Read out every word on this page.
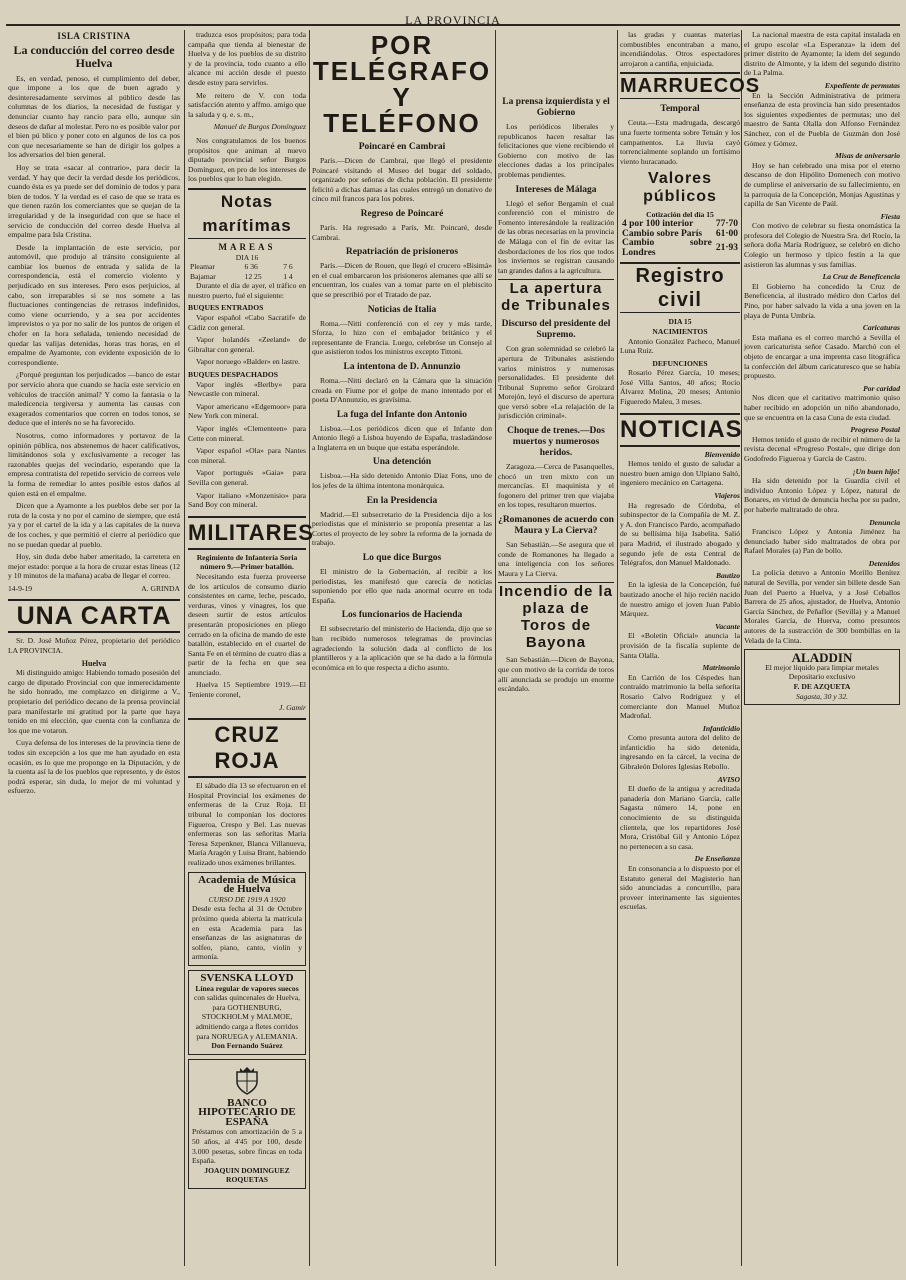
LA PROVINCIA
ISLA CRISTINA
La conducción del correo desde Huelva

Es, en verdad, penoso, el cumplimiento del deber, que impone a los que de buen agrado y desinteresadamente servimos al público desde las columnas de los diarios, la necesidad de fustigar y denunciar cuanto hay rancio para ello, aunque sin deseos de dañar al molestar. Pero no es posible valor por el bien pú blico y poner coto en algunos de los ca pos con que necesariamente se han de dirigir los golpes a los adversarios del bien general.

Hoy se trata «sacar al contrario», para decir la verdad. Y hay que decir la verdad desde los periódicos, cuando ésta es ya puede ser del dominio de todos y para bien de todos. Y la verdad es el caso de que se trata es que tienen razón los comerciantes que se quejan de la irregularidad y de la inseguridad con que se hace el servicio de conducción del correo desde Huelva al empalme para Isla Cristina.

Desde la implantación de este servicio, por automóvil, que produjo al tránsito consiguiente al cambiar los buenos de entrada y salida de la correspondencia, está el comercio violento y perjudicado en sus intereses. Pero esos perjuicios, al cabo, son irreparables si se nos somete a las fluctuaciones contingencias de retrasos indefinidos, como viene ocurriendo, y a sea por accidentes imprevistos o ya por no salir de los puntos de origen el chofer en la hora señalada, teniendo necesidad de quedar las valijas detenidas, horas tras horas, en el empalme de Ayamonte, con evidente exposición de lo correspondiente.

¿Porqué preguntan los perjudicados —banco de estar por servicio ahora que cuando se hacía este servicio en vehículos de tracción animal? Y como la fantasía o la maledicencia tergiversa y aumenta las causas con exagerados comentarios que corren en todos tonos, se deduce que el interés no se ha favorecido.

Nosotros, como informadores y portavoz de la opinión pública, nos abstenemos de hacer calificativos, limitándonos sola y exclusivamente a recoger las razonables quejas del vecindario, esperando que la empresa contratista del repetido servicio de correos vele la forma de remediar lo antes posible estos daños al quien está en el empalme.

Dicen que a Ayamonte a los pueblos debe ser por la ruta de la costa y no por el camino de siempre, que está ya y por el cartel de la ida y a las capitales de la nueva de los coches, y que permitió el cierre al periódico que no se puedan quedar al pueblo.

Hoy, sin duda debe haber ameritado, la carretera en mejor estado: porque a la hora de cruzar estas líneas (12 y 10 minutos de la mañana) acaba de llegar el correo.

14-9-19	A. GRINDA
UNA CARTA

Sr. D. José Muñoz Pérez, propietario del periódico LA PROVINCIA.

Huelva

Mi distinguido amigo: Habiendo tomado posesión del cargo de diputado Provincial con que inmerecidamente he sido honrado, me complazco en dirigirme a V., propietario del periódico decano de la prensa provincial para manifestarle mi gratitud por la parte que haya tenido en mi elección, que cuenta con la confianza de los que me votaron.

Cuya defensa de los intereses de la provincia tiene de todos sin excepción a los que me han ayudado en esta ocasión, es lo que me propongo en la Diputación, y de la cuenta así la de los pueblos que represento, y de éstos podrá esperar, sin duda, lo mejor de mi voluntad y esfuerzo.

traduzca esos propósitos; para toda campaña que tienda al bienestar de Huelva y de los pueblos de su distrito y de la provincia, todo cuanto a ello alcance mi acción desde el puesto desde estoy para servirlos.

Me reitero de V. con toda satisfacción atento y affmo. amigo que la saluda y q. e. s. m.,

Manuel de Burgos Domínguez

Nos congratulamos de los buenos propósitos que animan al nuevo diputado provincial señor Burgos Domínguez, en pro de los intereses de los pueblos que lo han elegido.

Notas marítimas
MAREAS
DIA 16
Pleamar	6 36	7 6
Bajamar	12 25	1 4

Durante el día de ayer, el tráfico en nuestro puerto, fué el siguiente:

BUQUES ENTRADOS

Vapor español «Cabo Sacratif» de Cádiz con general.

Vapor holandés «Zeeland» de Gibraltar con general.

Vapor noruego «Balder» en lastre.

BUQUES DESPACHADOS

Vapor inglés «Berlby» para Newcastle con mineral.

Vapor americano «Edgemoor» para New York con mineral.

Vapor inglés «Clementeen» para Cette con mineral.

Vapor español «Ola» para Nantes con mineral.

Vapor portugués «Gaia» para Sevilla con general.

Vapor italiano «Monzenisio» para Sand Boy con mineral.

MILITARES
Regimiento de Infantería Soria número 9.—Primer batallón.

Necesitando esta fuerza proveerse de los artículos de consumo diario consistentes en carne, leche, pescado, verduras, vinos y vinagres, los que deseen surtir de estos artículos presentarán proposiciones en pliego cerrado en la oficina de mando de este batallón, establecido en el cuartel de Santa Fe en el término de cuatro días a partir de la fecha en que sea anunciado.

Huelva 15 Septiembre 1919.—El Teniente coronel,

J. Gamir
CRUZ ROJA

El sábado día 13 se efectuaron en el Hospital Provincial los exámenes de enfermeras de la Cruz Roja. El tribunal lo componían los doctores Figueroa, Crespo y Bel. Las nuevas enfermeras son las señoritas María Teresa Szpenkner, Blanca Villanueva, María Aragón y Luisa Brant, habiendo realizado unos exámenes brillantes.

Academia de Música de Huelva
CURSO DE 1919 A 1920
Desde esta fecha al 31 de Octubre próximo queda abierta la matrícula en esta Academia para las enseñanzas de las asignaturas de solfeo, piano, canto, violín y armonía.
SVENSKA LLOYD
Línea regular de vapores suecos
con salidas quincenales de Huelva, para GOTHENBURG, STOCKHOLM y MALMOE, admitiendo carga a fletes corridos para NORUEGA y ALEMANIA.
Don Fernando Suárez
BANCO HIPOTECARIO DE ESPAÑA
Préstamos con amortización de 5 a 50 años, al 4'45 por 100, desde 3.000 pesetas, sobre fincas en toda España.
JOAQUIN DOMINGUEZ ROQUETAS
POR TELÉGRAFO
Y TELÉFONO
Poincaré en Cambrai

París.—Dicen de Cambrai, que llegó el presidente Poincaré visitando el Museo del bugar del soldado, organizado por señoras de dicha población. El presidente felicitó a dichas damas a las cuales entregó un donativo de cinco mil francos para los pobres.

Regreso de Poincaré

París. Ha regresado a París, Mr. Poincaré, desde Cambrai.

Repatriación de prisioneros

París.—Dicen de Rouen, que llegó el crucero «Bisimá» en el cual embarcaron los prisioneros alemanes que allí se encuentran, los cuales van a tomar parte en el plebiscito que se prescribió por el Tratado de paz.

Noticias de Italia

Roma.—Nitti conferenció con el rey y más tarde, Sforza, lo hizo con el embajador británico y el representante de Francia. Luego, celebróse un Consejo al que asistieron todos los ministros excepto Tittoni.

La intentona de D. Annunzio

Roma.—Nitti declaró en la Cámara que la situación creada en Fiume por el golpe de mano intentado por el poeta D'Annunzio, es gravísima.

La fuga del Infante don Antonio

Lisboa.—Los periódicos dicen que el Infante don Antonio llegó a Lisboa huyendo de España, trasladándose a Inglaterra en un buque que estaba esperándole.

Una detención

Lisboa.—Ha sido detenido Antonio Díaz Fons, uno de los jefes de la última intentona monárquica.

En la Presidencia

Madrid.—El subsecretario de la Presidencia dijo a los periodistas que el ministerio se proponía presentar a las Cortes el proyecto de ley sobre la reforma de la jornada de trabajo.

Lo que dice Burgos

El ministro de la Gobernación, al recibir a los periodistas, les manifestó que carecía de noticias suponiendo por ello que nada anormal ocurre en toda España.

Los funcionarios de Hacienda

El subsecretario del ministerio de Hacienda, dijo que se han recibido numerosos telegramas de provincias agradeciendo la solución dada al conflicto de los plantilleros y a la aplicación que se ha dado a la fórmula económica en lo que respecta a dicho asunto.

La prensa izquierdista y el Gobierno

Los periódicos liberales y republicanos hacen resaltar las felicitaciones que viene recibiendo el Gobierno con motivo de las elecciones dadas a los principales problemas pendientes.

Intereses de Málaga

Llegó el señor Bergamín el cual conferenció con el ministro de Fomento interesándole la realización de las obras necesarias en la provincia de Málaga con el fin de evitar las desbordaciones de los ríos que todos los inviernos se registran causando tan grandes daños a la agricultura.

La apertura de Tribunales
Discurso del presidente del Supremo.

Con gran solemnidad se celebró la apertura de Tribunales asistiendo varios ministros y numerosas personalidades. El presidente del Tribunal Supremo señor Groizard Morejón, leyó el discurso de apertura que versó sobre «La relajación de la jurisdicción criminal».

Choque de trenes.—Dos muertos y numerosos heridos.

Zaragoza.—Cerca de Pasanquelles, chocó un tren mixto con un mercancías. El maquinista y el fogonero del primer tren que viajaba en los topes, resultaron muertos.

¿Romanones de acuerdo con Maura y La Cierva?

San Sebastián.—Se asegura que el conde de Romanones ha llegado a una inteligencia con los señores Maura y La Cierva.

Incendio de la plaza de Toros de Bayona

San Sebastián.—Dicen de Bayona, que con motivo de la corrida de toros allí anunciada se produjo un enorme escándalo.

las gradas y cuantas materias combustibles encontraban a mano, incendiándolas. Otros espectadores arrojaron a cantiña, enjuiciada.

MARRUECOS
Temporal

Ceuta.—Esta madrugada, descargó una fuerte tormenta sobre Tetuán y los campamentos. La lluvia cayó torrencialmente soplando un fortísimo viento huracanado.

Valores públicos
Cotización del día 15
4 por 100 interior	77·70
Cambio sobre París	61·00
Cambio sobre Londres	21·93
Registro civil
DIA 15
NACIMIENTOS

Antonio González Pacheco, Manuel Luna Ruiz.

DEFUNCIONES

Rosario Pérez García, 10 meses; José Villa Santos, 40 años; Rocío Álvarez Molina, 20 meses; Antonio Figueredo Maleu, 3 meses.

NOTICIAS
Bienvenido

Hemos tenido el gusto de saludar a nuestro buen amigo don Ulpiano Saltó, ingeniero mecánico en Cartagena.

Viajeros

Ha regresado de Córdoba, el subinspector de la Compañía de M. Z. y A. don Francisco Pardo, acompañado de su bellísima hija Isabelita. Salió para Madrid, el ilustrado abogado y segundo jefe de esta Central de Telégrafos, don Manuel Maldonado.

Bautizo

En la iglesia de la Concepción, fué bautizado anoche el hijo recién nacido de nuestro amigo el joven Juan Pablo Márquez.

Vacante

El «Boletín Oficial» anuncia la provisión de la fiscalía suplente de Santa Olalla.

Matrimonio

En Carrión de los Céspedes han contraído matrimonio la bella señorita Rosario Calvo Rodríguez y el comerciante don Manuel Muñoz Madroñal.

Infanticidio

Como presunta autora del delito de infanticidio ha sido detenida, ingresando en la cárcel, la vecina de Gibraleón Dolores Iglesias Rebollo.

AVISO

El dueño de la antigua y acreditada panadería don Mariano García, calle Sagasta número 14, pone en conocimiento de su distinguida clientela, que los repartidores José Mora, Cristóbal Gil y Antonio López no pertenecen a su casa.

De Enseñanza

En consonancia a lo dispuesto por el Estatuto general del Magisterio han sido anunciadas a concurrillo, para proveer interinamente las siguientes escuelas.

La nacional maestra de esta capital instalada en el grupo escolar «La Esperanza» la idem del primer distrito de Ayamonte; la idem del segundo distrito de Almonte, y la idem del segundo distrito de La Palma.

Expediente de permutas

En la Sección Administrativa de primera enseñanza de esta provincia han sido presentados los siguientes expedientes de permutas; uno del maestro de Santa Olalla don Alfonso Fernández Sánchez, con el de Puebla de Guzmán don José Gómez y Gómez.

Misas de aniversario

Hoy se han celebrado una misa por el eterno descanso de don Hipólito Domenech con motivo de cumplirse el aniversario de su fallecimiento, en la parroquia de la Concepción, Monjas Agustinas y capilla de San Vicente de Paúl.

Fiesta

Con motivo de celebrar su fiesta onomástica la profesora del Colegio de Nuestra Sra. del Rocío, la señora doña María Rodríguez, se celebró en dicho Colegio un hermoso y típico festín a la que asistieron las alumnas y sus familias.

La Cruz de Beneficencia

El Gobierno ha concedido la Cruz de Beneficencia, al ilustrado médico don Carlos del Pino, por haber salvado la vida a una joven en la playa de Punta Umbría.

Caricaturas

Esta mañana es el correo marchó a Sevilla el joven caricaturista señor Casado. Marchó con el objeto de encargar a una imprenta caso litográfica la confección del álbum caricaturesco que se había propuesto.

Por caridad

Nos dicen que el caritativo matrimonio quiso haber recibido en adopción un niño abandonado, que se encuentra en la casa Cuna de esta ciudad.

Progreso Postal

Hemos tenido el gusto de recibir el número de la revista decenal «Progreso Postal», que dirige don Godofredo Figueroa y García de Castro.

¡Un buen hijo!

Ha sido detenido por la Guardia civil el individuo Antonio López y López, natural de Bonares, en virtud de denuncia hecha por su padre, por haberle maltratado de obra.

Denuncia

Francisco López y Antonia Jiménez ha denunciado haber sido maltratados de obra por Rafael Morales (a) Pan de bollo.

Detenidos

La policía detuvo a Antonio Morillo Benítez natural de Sevilla, por vender sin billete desde San Juan del Puerto a Huelva, y a José Ceballos Barrera de 25 años, ajustador, de Huelva, Antonio García Sánchez, de Peñaflor (Sevilla) y a Manuel Morales García, de Huerva, como presuntos autores de la sustracción de 300 bombillas en la Velada de la Cinta.

ALADDIN
El mejor líquido para limpiar metales
Depositario exclusivo
F. DE AZQUETA
Sagasta, 30 y 32.
